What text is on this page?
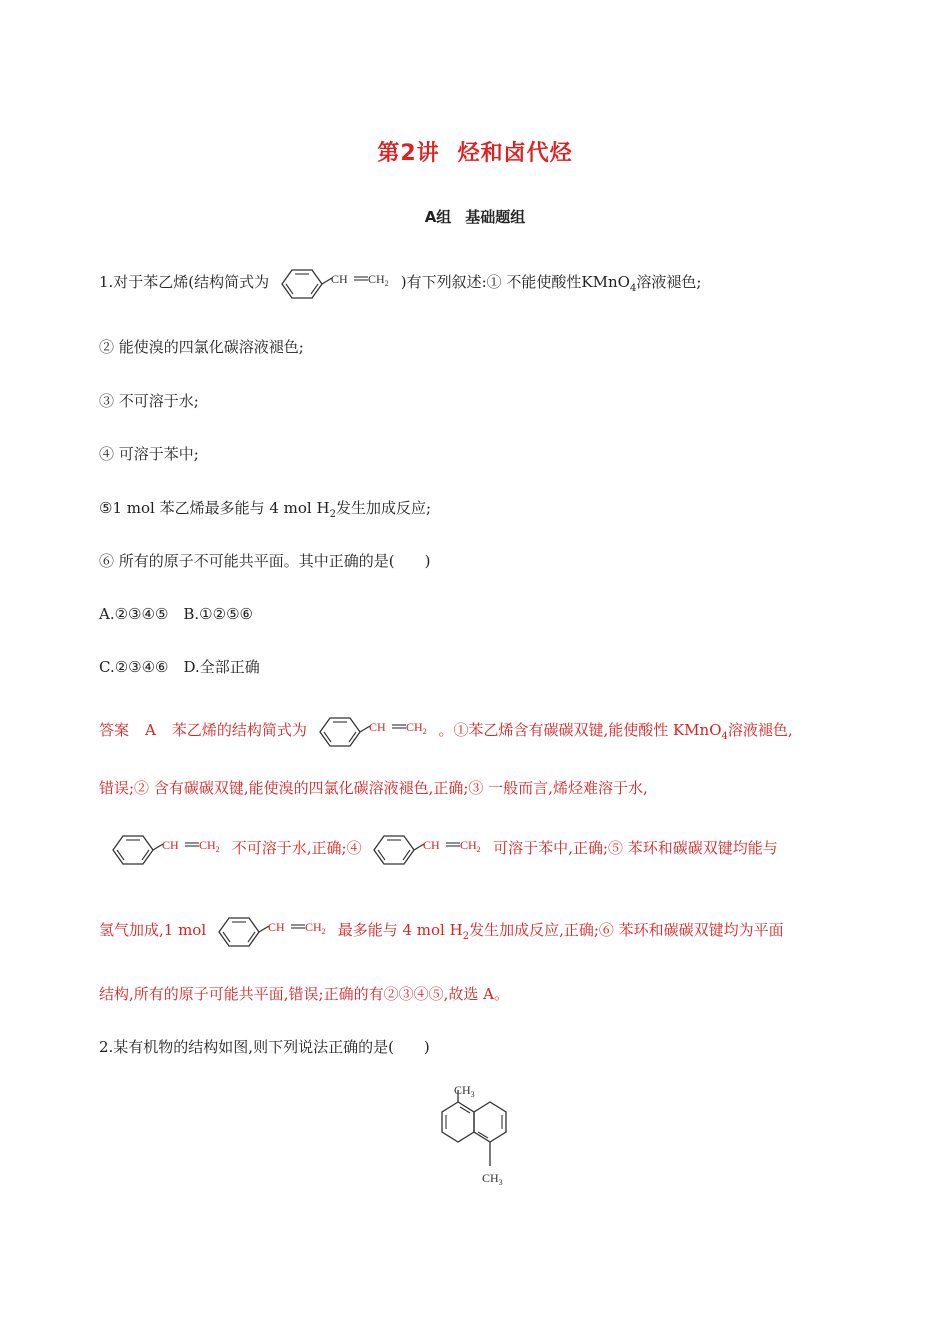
第2讲 烃和卤代烃
A组 基础题组
1.对于苯乙烯(结构简式为	CH $CH_2$ )有下列叙述:① 不能使酸性KMnO$_4$溶液褪色;
② 能使溴的四氯化碳溶液褪色;
③ 不可溶于水;
④ 可溶于苯中;
⑤1 mol 苯乙烯最多能与 4 mol $H_2$发生加成反应;
⑥ 所有的原子不可能共平面。其中正确的是(　　)
A.②③④⑤　B.①②⑤⑥
C.②③④⑥　D.全部正确
答案 A 苯乙烯的结构简式为	CH $CH_2$ 。①苯乙烯含有碳碳双键,能使酸性 KMnO$_4$溶液褪色,
错误;② 含有碳碳双键,能使溴的四氯化碳溶液褪色,正确;③ 一般而言,烯烃难溶于水,
CH $CH_2$ 不可溶于水,正确;④	CH $CH_2$ 可溶于苯中,正确;⑤ 苯环和碳碳双键均能与
氢气加成,1 mol	CH $CH_2$ 最多能与 4 mol $H_2$发生加成反应,正确;⑥ 苯环和碳碳双键均为平面
结构,所有的原子可能共平面,错误;正确的有②③④⑤,故选 A。
2.某有机物的结构如图,则下列说法正确的是(　　)
$CH_3$
$CH_3$
